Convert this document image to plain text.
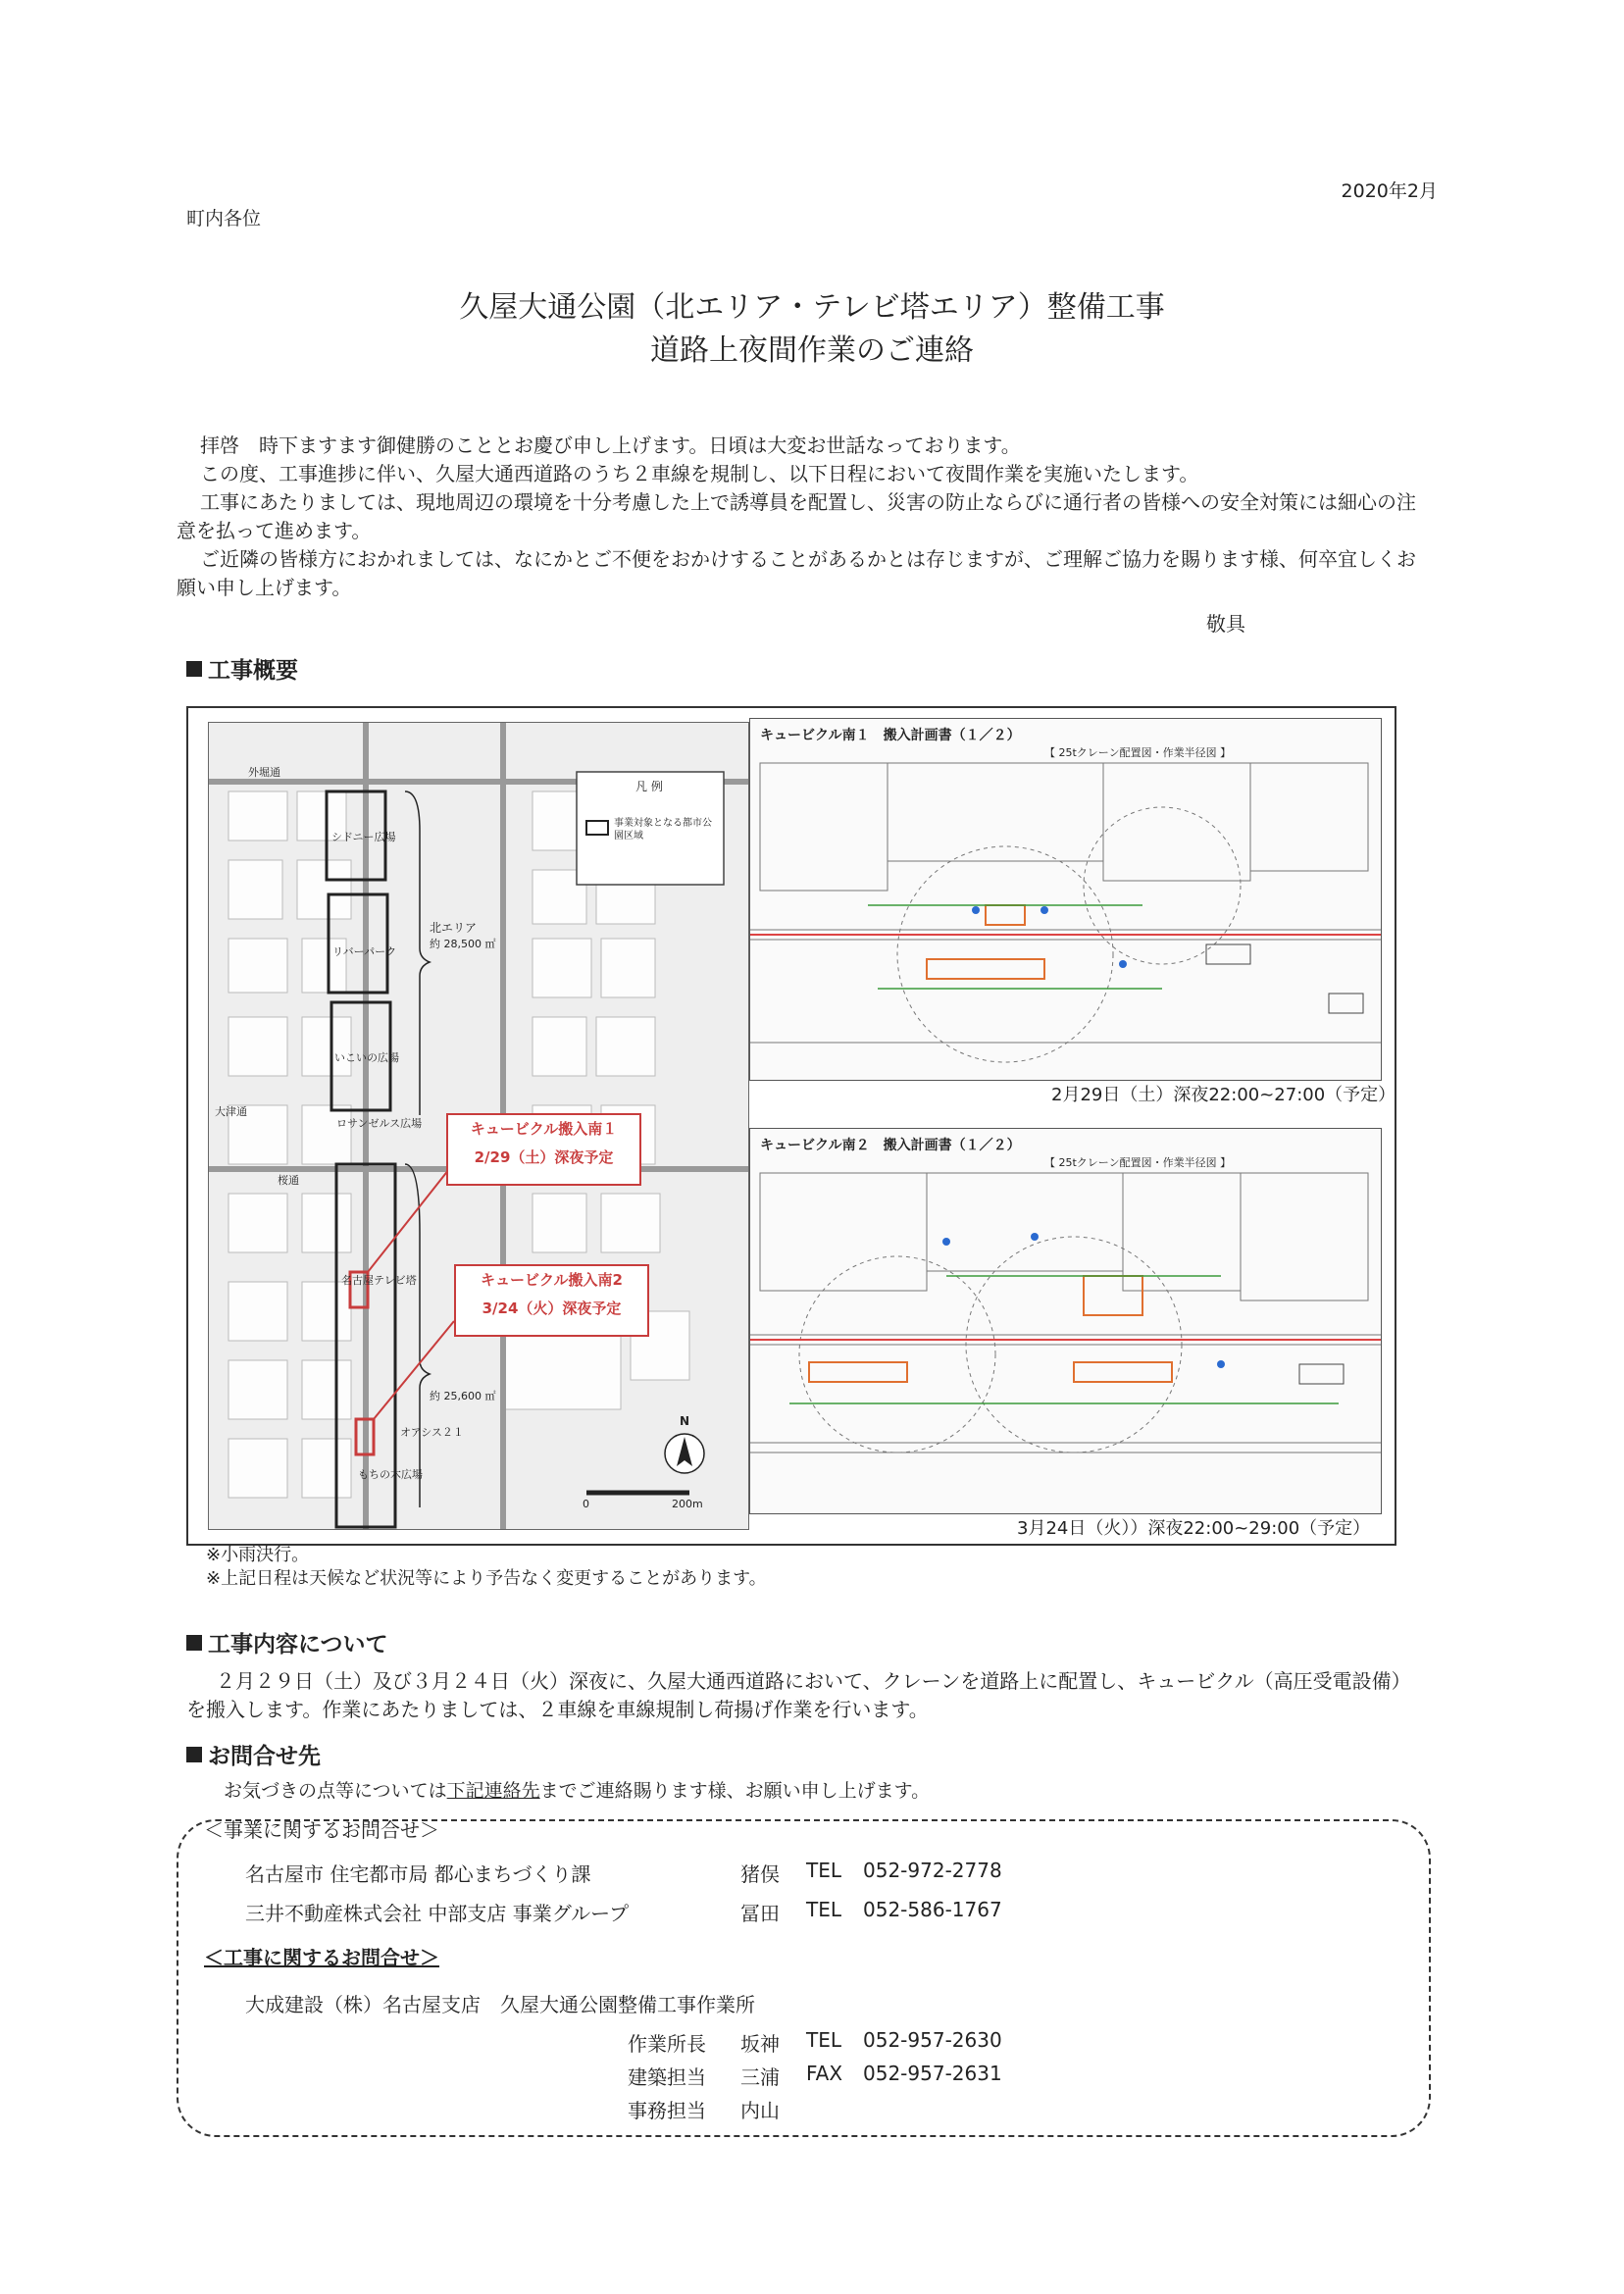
2020年2月
町内各位
久屋大通公園（北エリア・テレビ塔エリア）整備工事
道路上夜間作業のご連絡

拝啓　時下ますます御健勝のこととお慶び申し上げます。日頃は大変お世話なっております。

この度、工事進捗に伴い、久屋大通西道路のうち２車線を規制し、以下日程において夜間作業を実施いたします。

工事にあたりましては、現地周辺の環境を十分考慮した上で誘導員を配置し、災害の防止ならびに通行者の皆様への安全対策には細心の注意を払って進めます。

ご近隣の皆様方におかれましては、なにかとご不便をおかけすることがあるかとは存じますが、ご理解ご協力を賜ります様、何卒宜しくお願い申し上げます。

敬具
工事概要
凡 例
事業対象となる都市公園区域
北エリア
約 28,500 ㎡
約 25,600 ㎡
外堀通
シドニー広場
リバーパーク
いこいの広場
ロサンゼルス広場
大津通
桜通
名古屋テレビ塔
オアシス２１
もちの木広場
N
0	200m
キュービクル搬入南１
2/29（土）深夜予定
キュービクル搬入南2
3/24（火）深夜予定
キュービクル南１　搬入計画書（１／２）
【 25tクレーン配置図・作業半径図 】
2月29日（土）深夜22:00~27:00（予定）
キュービクル南２　搬入計画書（１／２）
【 25tクレーン配置図・作業半径図 】
3月24日（火））深夜22:00~29:00（予定）
※小雨決行。
※上記日程は天候など状況等により予告なく変更することがあります。
工事内容について

２月２９日（土）及び３月２４日（火）深夜に、久屋大通西道路において、クレーンを道路上に配置し、キュービクル（高圧受電設備）を搬入します。作業にあたりましては、２車線を車線規制し荷揚げ作業を行います。

お問合せ先
お気づきの点等については下記連絡先までご連絡賜ります様、お願い申し上げます。
＜事業に関するお問合せ＞
名古屋市 住宅都市局 都心まちづくり課	猪俣 TEL 052-972-2778
三井不動産株式会社 中部支店 事業グループ	冨田 TEL 052-586-1767
＜工事に関するお問合せ＞
大成建設（株）名古屋支店　久屋大通公園整備工事作業所
作業所長 坂神 TEL 052-957-2630
建築担当 三浦 FAX 052-957-2631
事務担当 内山
